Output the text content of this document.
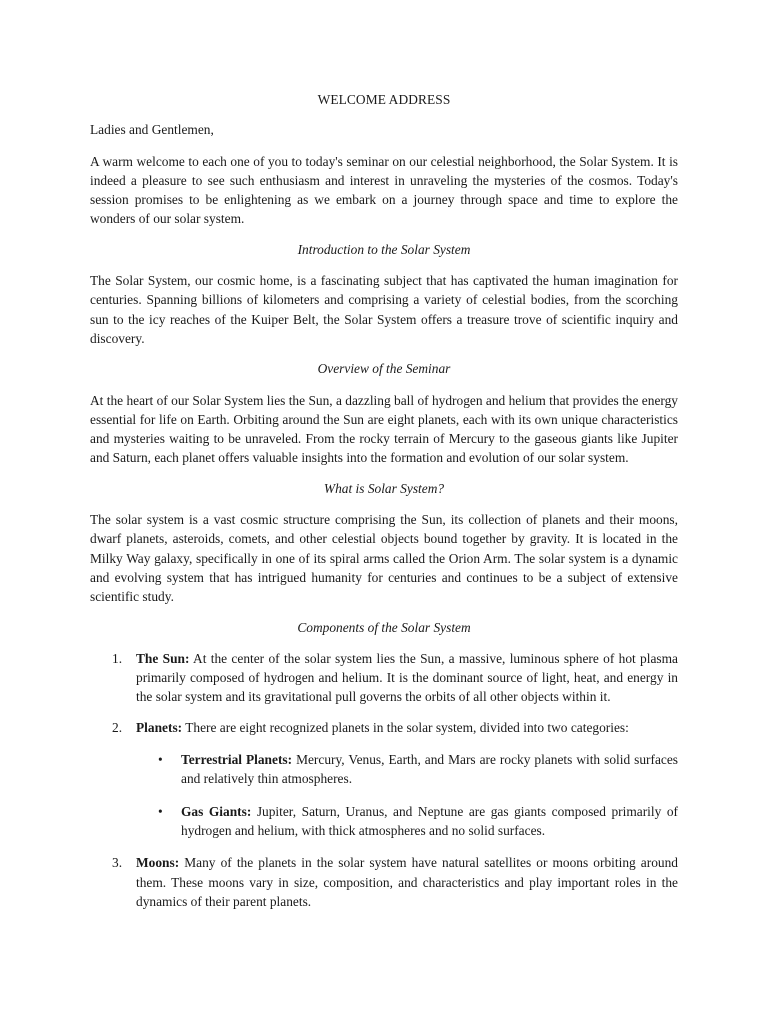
WELCOME ADDRESS

Ladies and Gentlemen,

A warm welcome to each one of you to today's seminar on our celestial neighborhood, the Solar System. It is indeed a pleasure to see such enthusiasm and interest in unraveling the mysteries of the cosmos. Today's session promises to be enlightening as we embark on a journey through space and time to explore the wonders of our solar system.

Introduction to the Solar System

The Solar System, our cosmic home, is a fascinating subject that has captivated the human imagination for centuries. Spanning billions of kilometers and comprising a variety of celestial bodies, from the scorching sun to the icy reaches of the Kuiper Belt, the Solar System offers a treasure trove of scientific inquiry and discovery.

Overview of the Seminar

At the heart of our Solar System lies the Sun, a dazzling ball of hydrogen and helium that provides the energy essential for life on Earth. Orbiting around the Sun are eight planets, each with its own unique characteristics and mysteries waiting to be unraveled. From the rocky terrain of Mercury to the gaseous giants like Jupiter and Saturn, each planet offers valuable insights into the formation and evolution of our solar system.

What is Solar System?

The solar system is a vast cosmic structure comprising the Sun, its collection of planets and their moons, dwarf planets, asteroids, comets, and other celestial objects bound together by gravity. It is located in the Milky Way galaxy, specifically in one of its spiral arms called the Orion Arm. The solar system is a dynamic and evolving system that has intrigued humanity for centuries and continues to be a subject of extensive scientific study.

Components of the Solar System
1. The Sun: At the center of the solar system lies the Sun, a massive, luminous sphere of hot plasma primarily composed of hydrogen and helium. It is the dominant source of light, heat, and energy in the solar system and its gravitational pull governs the orbits of all other objects within it.
2. Planets: There are eight recognized planets in the solar system, divided into two categories:
• Terrestrial Planets: Mercury, Venus, Earth, and Mars are rocky planets with solid surfaces and relatively thin atmospheres.
• Gas Giants: Jupiter, Saturn, Uranus, and Neptune are gas giants composed primarily of hydrogen and helium, with thick atmospheres and no solid surfaces.
3. Moons: Many of the planets in the solar system have natural satellites or moons orbiting around them. These moons vary in size, composition, and characteristics and play important roles in the dynamics of their parent planets.
